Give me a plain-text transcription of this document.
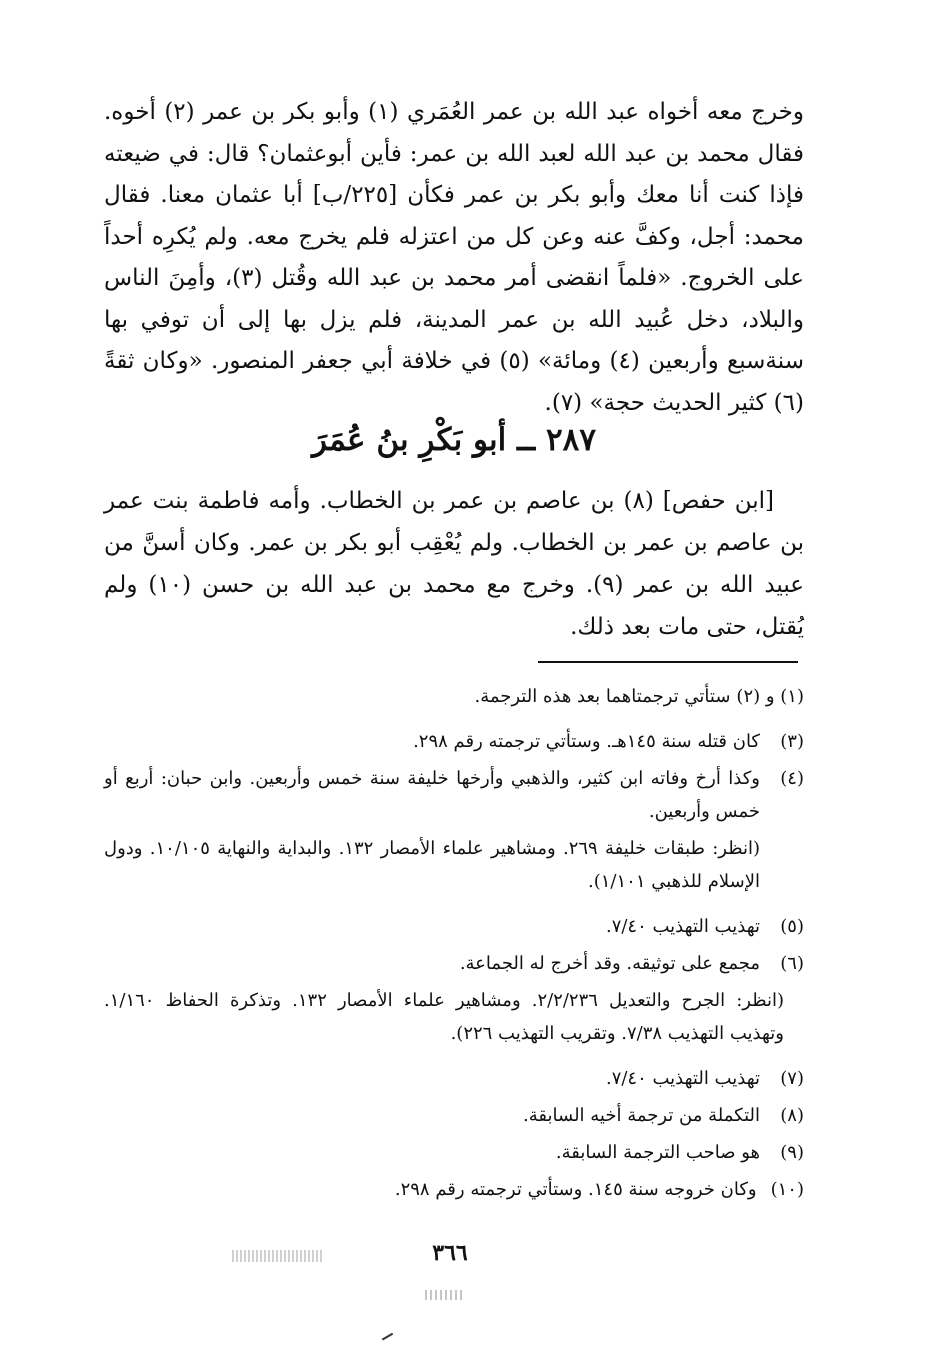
وخرج معه أخواه عبد الله بن عمر العُمَري (١) وأبو بكر بن عمر (٢) أخوه. فقال محمد بن عبد الله لعبد الله بن عمر: فأين أبوعثمان؟ قال: في ضيعته فإذا كنت أنا معك وأبو بكر بن عمر فكأن [٢٢٥/ب] أبا عثمان معنا. فقال محمد: أجل، وكفَّ عنه وعن كل من اعتزله فلم يخرج معه. ولم يُكرِه أحداً على الخروج. «فلماً انقضى أمر محمد بن عبد الله وقُتل (٣)، وأمِنَ الناس والبلاد، دخل عُبيد الله بن عمر المدينة، فلم يزل بها إلى أن توفي بها سنةسبع وأربعين (٤) ومائة» (٥) في خلافة أبي جعفر المنصور. «وكان ثقةً (٦) كثير الحديث حجة» (٧).

٢٨٧ ــ أبو بَكْرِ بنُ عُمَرَ
[ابن حفص] (٨) بن عاصم بن عمر بن الخطاب. وأمه فاطمة بنت عمر بن عاصم بن عمر بن الخطاب. ولم يُعْقِب أبو بكر بن عمر. وكان أسنَّ من عبيد الله بن عمر (٩). وخرج مع محمد بن عبد الله بن حسن (١٠) ولم يُقتل، حتى مات بعد ذلك.
(١) و (٢)
ستأتي ترجمتاهما بعد هذه الترجمة.
(٣)
كان قتله سنة ١٤٥هـ. وستأتي ترجمته رقم ٢٩٨.
(٤)
وكذا أرخ وفاته ابن كثير، والذهبي وأرخها خليفة سنة خمس وأربعين. وابن حبان: أربع أو خمس وأربعين.

(انظر: طبقات خليفة ٢٦٩. ومشاهير علماء الأمصار ١٣٢. والبداية والنهاية ١٠/١٠٥. ودول الإسلام للذهبي ١/١٠١).

(٥)
تهذيب التهذيب ٧/٤٠.
(٦)
مجمع على توثيقه. وقد أخرج له الجماعة.

(انظر: الجرح والتعديل ٢/٢/٢٣٦. ومشاهير علماء الأمصار ١٣٢. وتذكرة الحفاظ ١/١٦٠. وتهذيب التهذيب ٧/٣٨. وتقريب التهذيب ٢٢٦).

(٧)
تهذيب التهذيب ٧/٤٠.
(٨)
التكملة من ترجمة أخيه السابقة.
(٩)
هو صاحب الترجمة السابقة.
(١٠)
وكان خروجه سنة ١٤٥. وستأتي ترجمته رقم ٢٩٨.
٣٦٦
